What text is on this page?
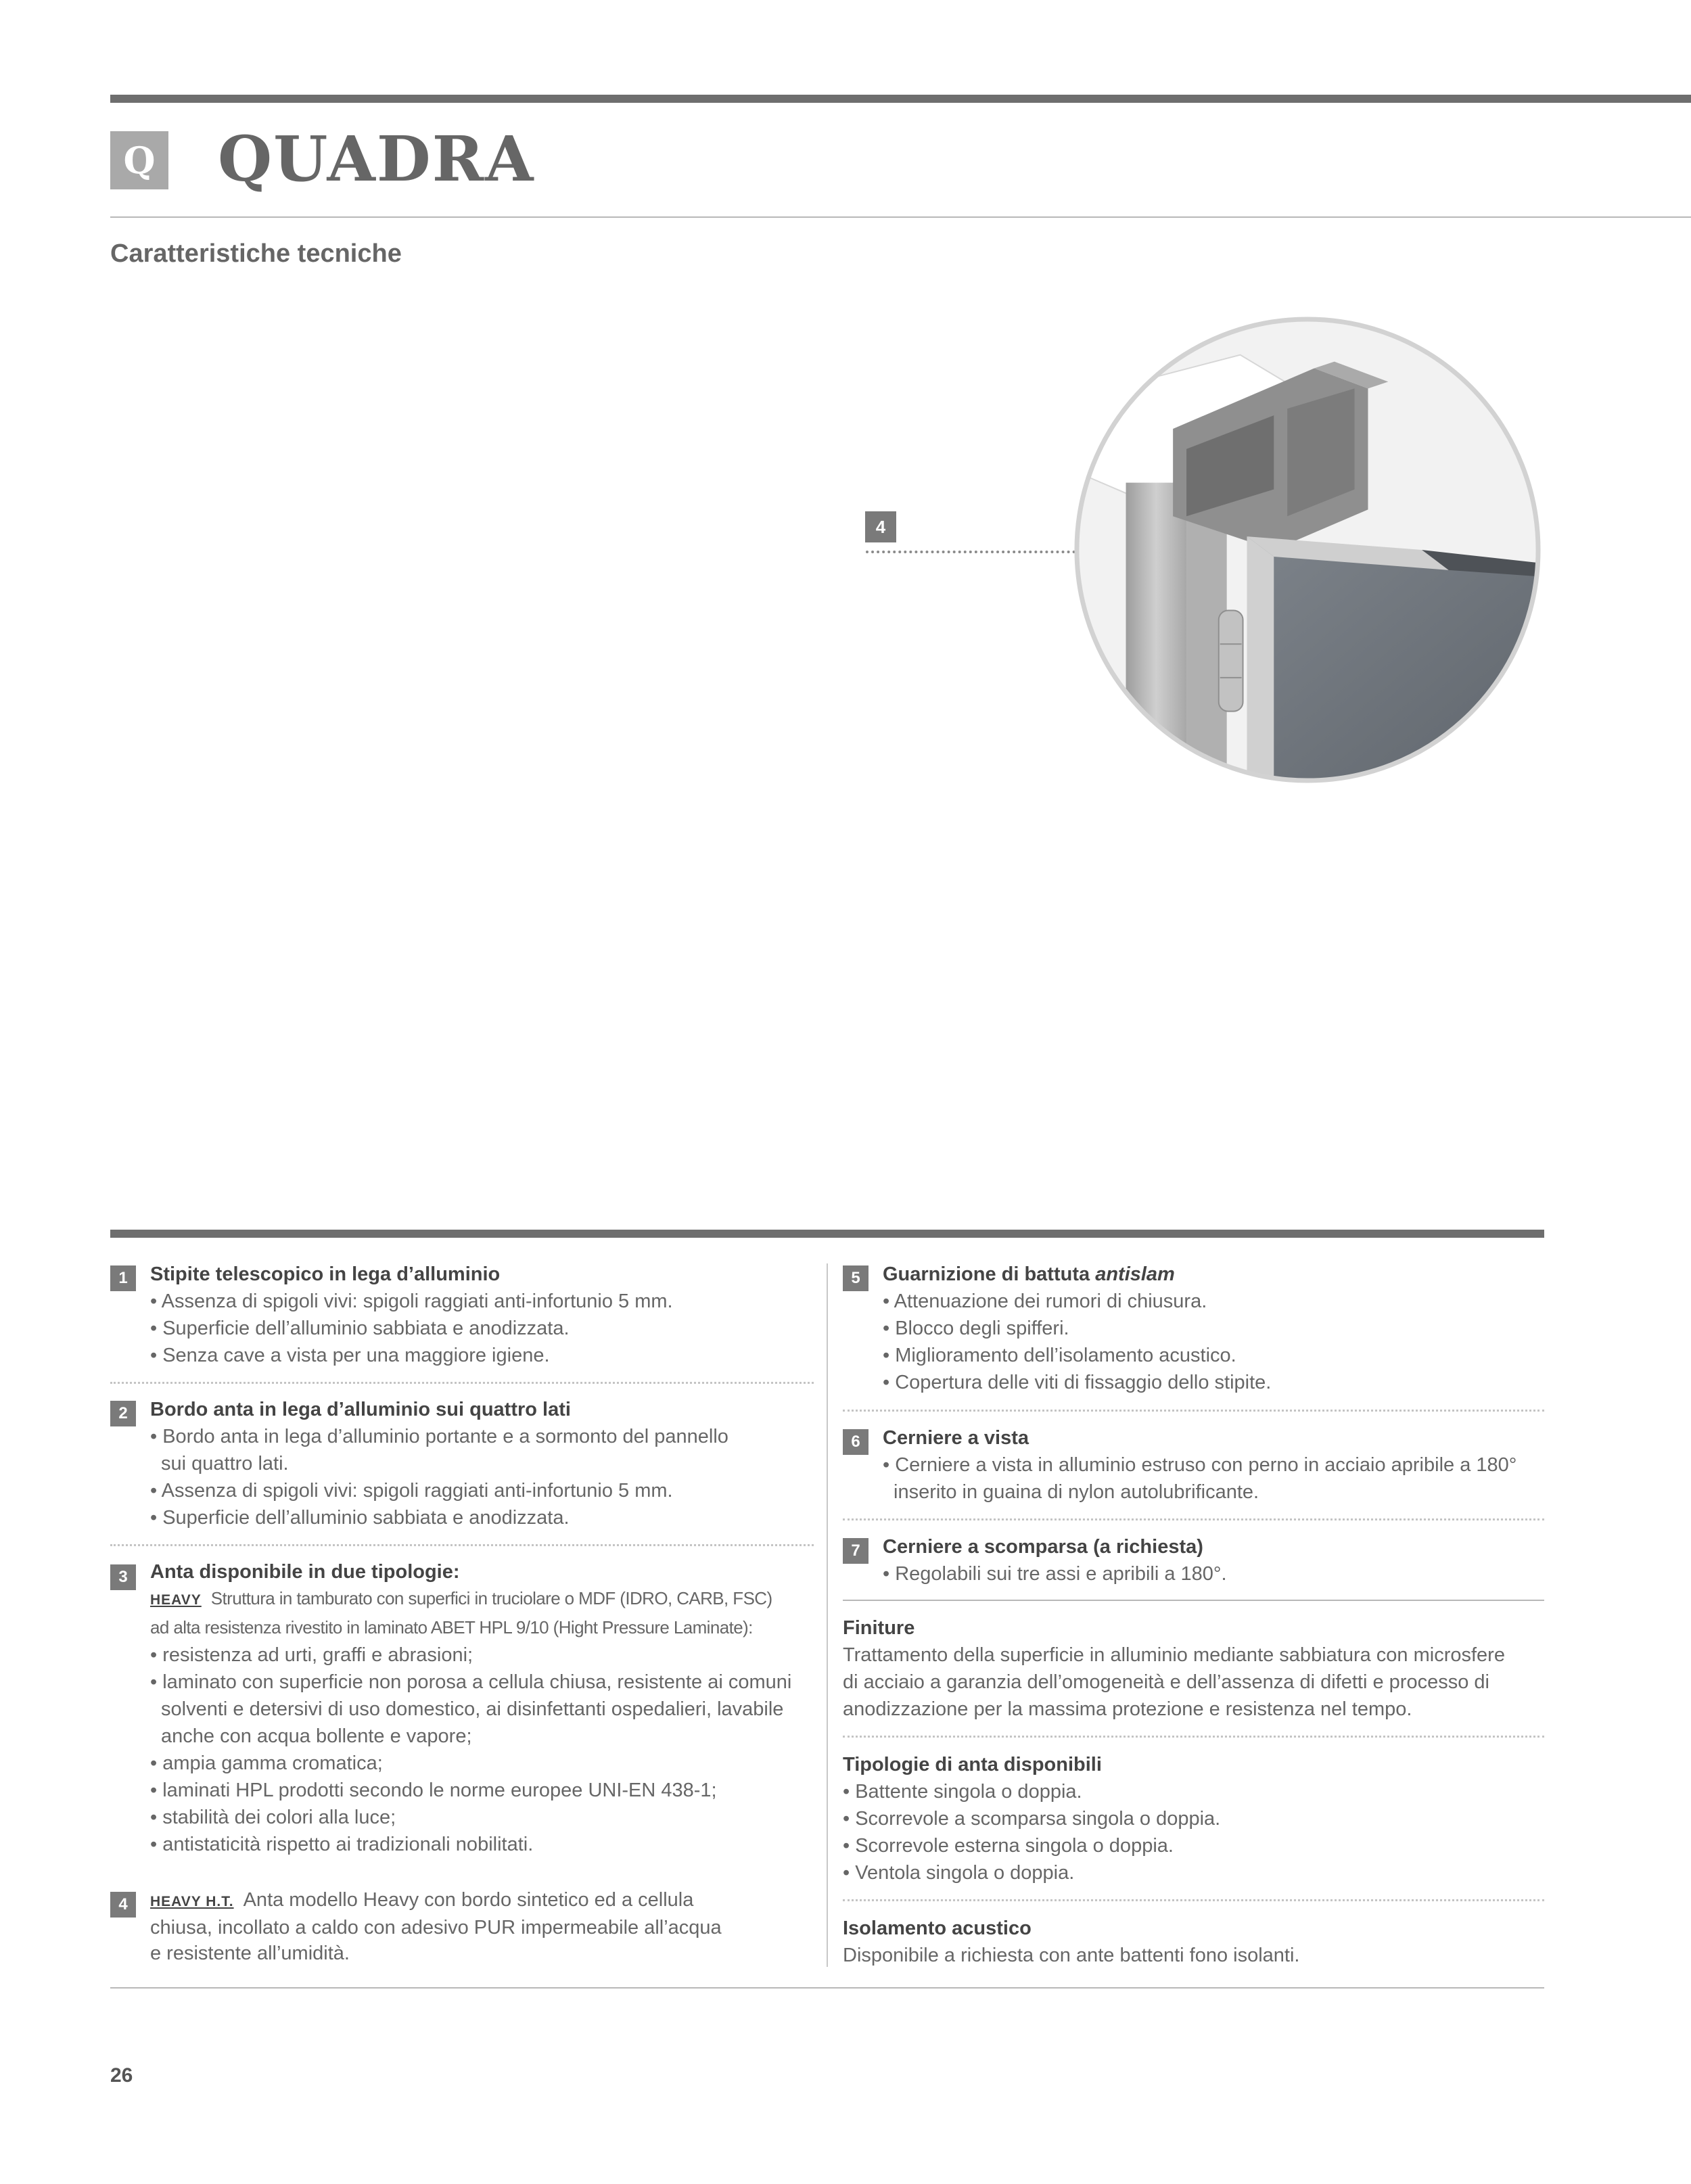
Q QUADRA
Caratteristiche tecniche
4
1	Stipite telescopico in lega d’alluminio
• Assenza di spigoli vivi: spigoli raggiati anti-infortunio 5 mm.
• Superficie dell’alluminio sabbiata e anodizzata.
• Senza cave a vista per una maggiore igiene.
2	Bordo anta in lega d’alluminio sui quattro lati
• Bordo anta in lega d’alluminio portante e a sormonto del pannello
sui quattro lati.
• Assenza di spigoli vivi: spigoli raggiati anti-infortunio 5 mm.
• Superficie dell’alluminio sabbiata e anodizzata.
3	Anta disponibile in due tipologie:
HEAVY Struttura in tamburato con superfici in truciolare o MDF (IDRO, CARB, FSC)
ad alta resistenza rivestito in laminato ABET HPL 9/10 (Hight Pressure Laminate):
• resistenza ad urti, graffi e abrasioni;
• laminato con superficie non porosa a cellula chiusa, resistente ai comuni
solventi e detersivi di uso domestico, ai disinfettanti ospedalieri, lavabile
anche con acqua bollente e vapore;
• ampia gamma cromatica;
• laminati HPL prodotti secondo le norme europee UNI-EN 438-1;
• stabilità dei colori alla luce;
• antistaticità rispetto ai tradizionali nobilitati.
4	HEAVY H.T. Anta modello Heavy con bordo sintetico ed a cellula
chiusa, incollato a caldo con adesivo PUR impermeabile all’acqua
e resistente all’umidità.
5	Guarnizione di battuta antislam
• Attenuazione dei rumori di chiusura.
• Blocco degli spifferi.
• Miglioramento dell’isolamento acustico.
• Copertura delle viti di fissaggio dello stipite.
6	Cerniere a vista
• Cerniere a vista in alluminio estruso con perno in acciaio apribile a 180°
inserito in guaina di nylon autolubrificante.
7	Cerniere a scomparsa (a richiesta)
• Regolabili sui tre assi e apribili a 180°.
Finiture
Trattamento della superficie in alluminio mediante sabbiatura con microsfere
di acciaio a garanzia dell’omogeneità e dell’assenza di difetti e processo di
anodizzazione per la massima protezione e resistenza nel tempo.
Tipologie di anta disponibili
• Battente singola o doppia.
• Scorrevole a scomparsa singola o doppia.
• Scorrevole esterna singola o doppia.
• Ventola singola o doppia.
Isolamento acustico
Disponibile a richiesta con ante battenti fono isolanti.
26
